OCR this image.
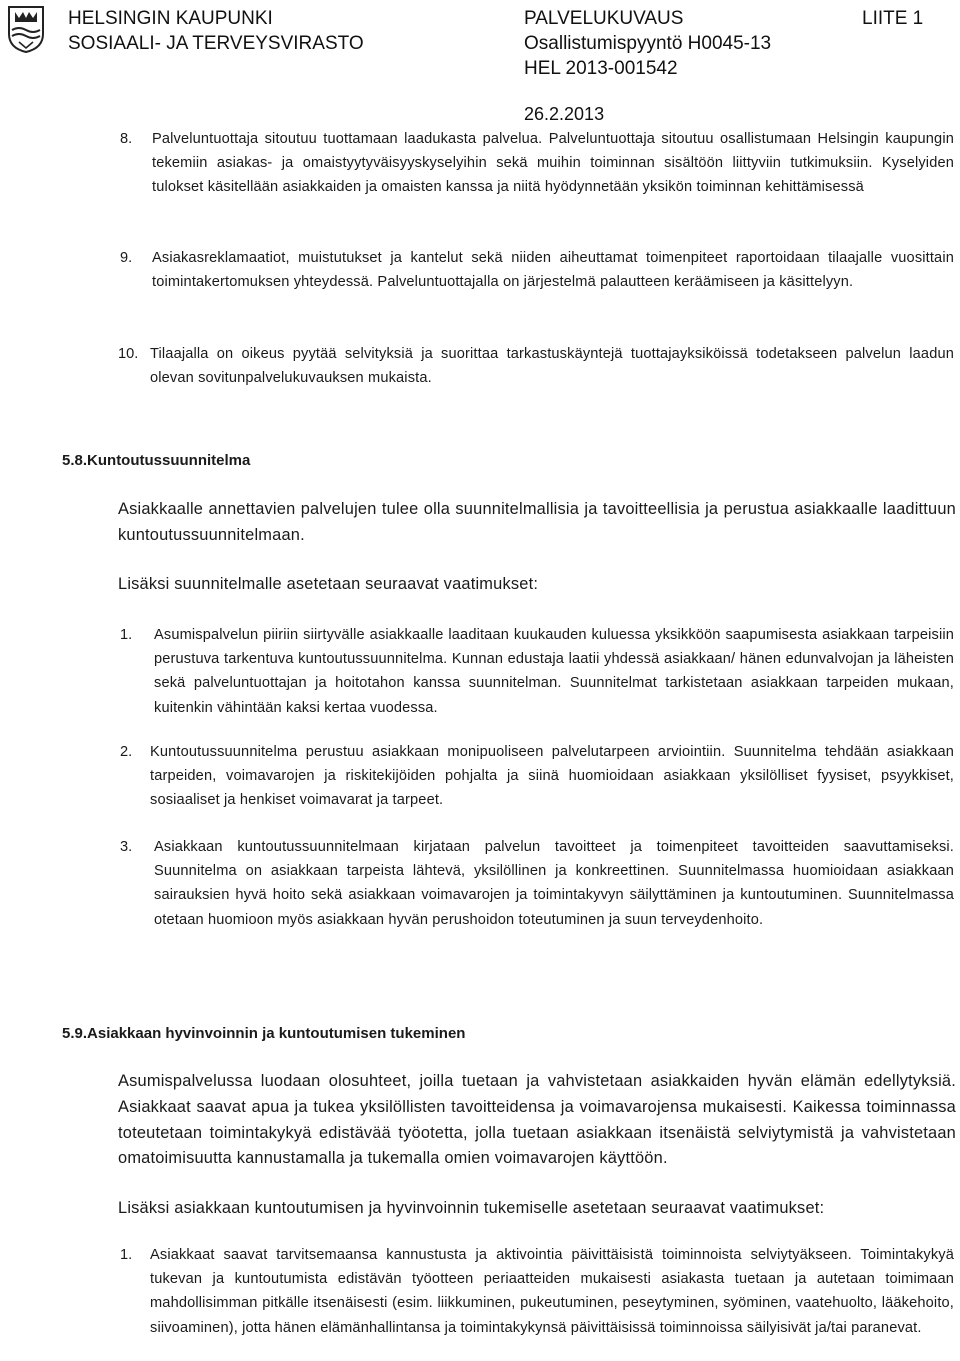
HELSINGIN KAUPUNKI
SOSIAALI- JA TERVEYSVIRASTO
PALVELUKUVAUS
Osallistumispyyntö H0045-13
HEL 2013-001542
LIITE 1
26.2.2013
8. Palveluntuottaja sitoutuu tuottamaan laadukasta palvelua. Palveluntuottaja sitoutuu osallistumaan Helsingin kaupungin tekemiin asiakas- ja omaistyytyväisyyskyselyihin sekä muihin toiminnan sisältöön liittyviin tutkimuksiin. Kyselyiden tulokset käsitellään asiakkaiden ja omaisten kanssa ja niitä hyödynnetään yksikön toiminnan kehittämisessä
9. Asiakasreklamaatiot, muistutukset ja kantelut sekä niiden aiheuttamat toimenpiteet raportoidaan tilaajalle vuosittain toimintakertomuksen yhteydessä. Palveluntuottajalla on järjestelmä palautteen keräämiseen ja käsittelyyn.
10. Tilaajalla on oikeus pyytää selvityksiä ja suorittaa tarkastuskäyntejä tuottajayksiköissä todetakseen palvelun laadun olevan sovitunpalvelukuvauksen mukaista.
5.8.Kuntoutussuunnitelma
Asiakkaalle annettavien palvelujen tulee olla suunnitelmallisia ja tavoitteellisia ja perustua asiakkaalle laadittuun kuntoutussuunnitelmaan.
Lisäksi suunnitelmalle asetetaan seuraavat vaatimukset:
1. Asumispalvelun piiriin siirtyvälle asiakkaalle laaditaan kuukauden kuluessa yksikköön saapumisesta asiakkaan tarpeisiin perustuva tarkentuva kuntoutussuunnitelma. Kunnan edustaja laatii yhdessä asiakkaan/ hänen edunvalvojan ja läheisten sekä palveluntuottajan ja hoitotahon kanssa suunnitelman. Suunnitelmat tarkistetaan asiakkaan tarpeiden mukaan, kuitenkin vähintään kaksi kertaa vuodessa.
2. Kuntoutussuunnitelma perustuu asiakkaan monipuoliseen palvelutarpeen arviointiin. Suunnitelma tehdään asiakkaan tarpeiden, voimavarojen ja riskitekijöiden pohjalta ja siinä huomioidaan asiakkaan yksilölliset fyysiset, psyykkiset, sosiaaliset ja henkiset voimavarat ja tarpeet.
3. Asiakkaan kuntoutussuunnitelmaan kirjataan palvelun tavoitteet ja toimenpiteet tavoitteiden saavuttamiseksi. Suunnitelma on asiakkaan tarpeista lähtevä, yksilöllinen ja konkreettinen. Suunnitelmassa huomioidaan asiakkaan sairauksien hyvä hoito sekä asiakkaan voimavarojen ja toimintakyvyn säilyttäminen ja kuntoutuminen. Suunnitelmassa otetaan huomioon myös asiakkaan hyvän perushoidon toteutuminen ja suun terveydenhoito.
5.9.Asiakkaan hyvinvoinnin ja kuntoutumisen tukeminen
Asumispalvelussa luodaan olosuhteet, joilla tuetaan ja vahvistetaan asiakkaiden hyvän elämän edellytyksiä. Asiakkaat saavat apua ja tukea yksilöllisten tavoitteidensa ja voimavarojensa mukaisesti. Kaikessa toiminnassa toteutetaan toimintakykyä edistävää työotetta, jolla tuetaan asiakkaan itsenäistä selviytymistä ja vahvistetaan omatoimisuutta kannustamalla ja tukemalla omien voimavarojen käyttöön.
Lisäksi asiakkaan kuntoutumisen ja hyvinvoinnin tukemiselle asetetaan seuraavat vaatimukset:
1. Asiakkaat saavat tarvitsemaansa kannustusta ja aktivointia päivittäisistä toiminnoista selviytyäkseen. Toimintakykyä tukevan ja kuntoutumista edistävän työotteen periaatteiden mukaisesti asiakasta tuetaan ja autetaan toimimaan mahdollisimman pitkälle itsenäisesti (esim. liikkuminen, pukeutuminen, peseytyminen, syöminen, vaatehuolto, lääkehoito, siivoaminen), jotta hänen elämänhallintansa ja toimintakykynsä päivittäisissä toiminnoissa säilyisivät ja/tai paranevat.
